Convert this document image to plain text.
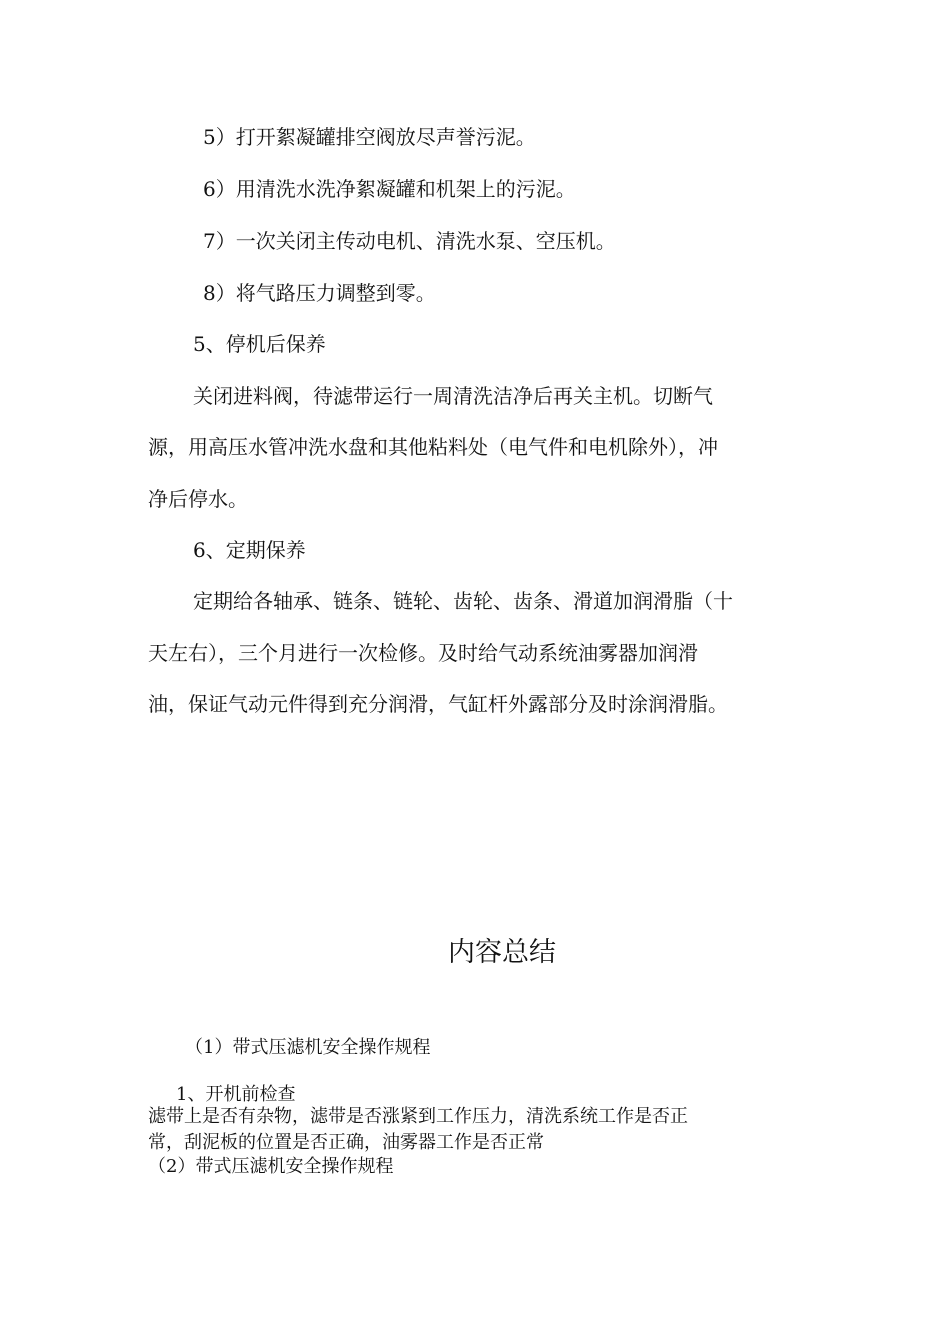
5）打开絮凝罐排空阀放尽声誉污泥。
6）用清洗水洗净絮凝罐和机架上的污泥。
7）一次关闭主传动电机、清洗水泵、空压机。
8）将气路压力调整到零。
5、停机后保养
关闭进料阀，待滤带运行一周清洗洁净后再关主机。切断气
源，用高压水管冲洗水盘和其他粘料处（电气件和电机除外），冲
净后停水。
6、定期保养
定期给各轴承、链条、链轮、齿轮、齿条、滑道加润滑脂（十
天左右），三个月进行一次检修。及时给气动系统油雾器加润滑
油，保证气动元件得到充分润滑，气缸杆外露部分及时涂润滑脂。
内容总结
（1）带式压滤机安全操作规程
1、开机前检查
滤带上是否有杂物，滤带是否涨紧到工作压力，清洗系统工作是否正
常，刮泥板的位置是否正确，油雾器工作是否正常
（2）带式压滤机安全操作规程
